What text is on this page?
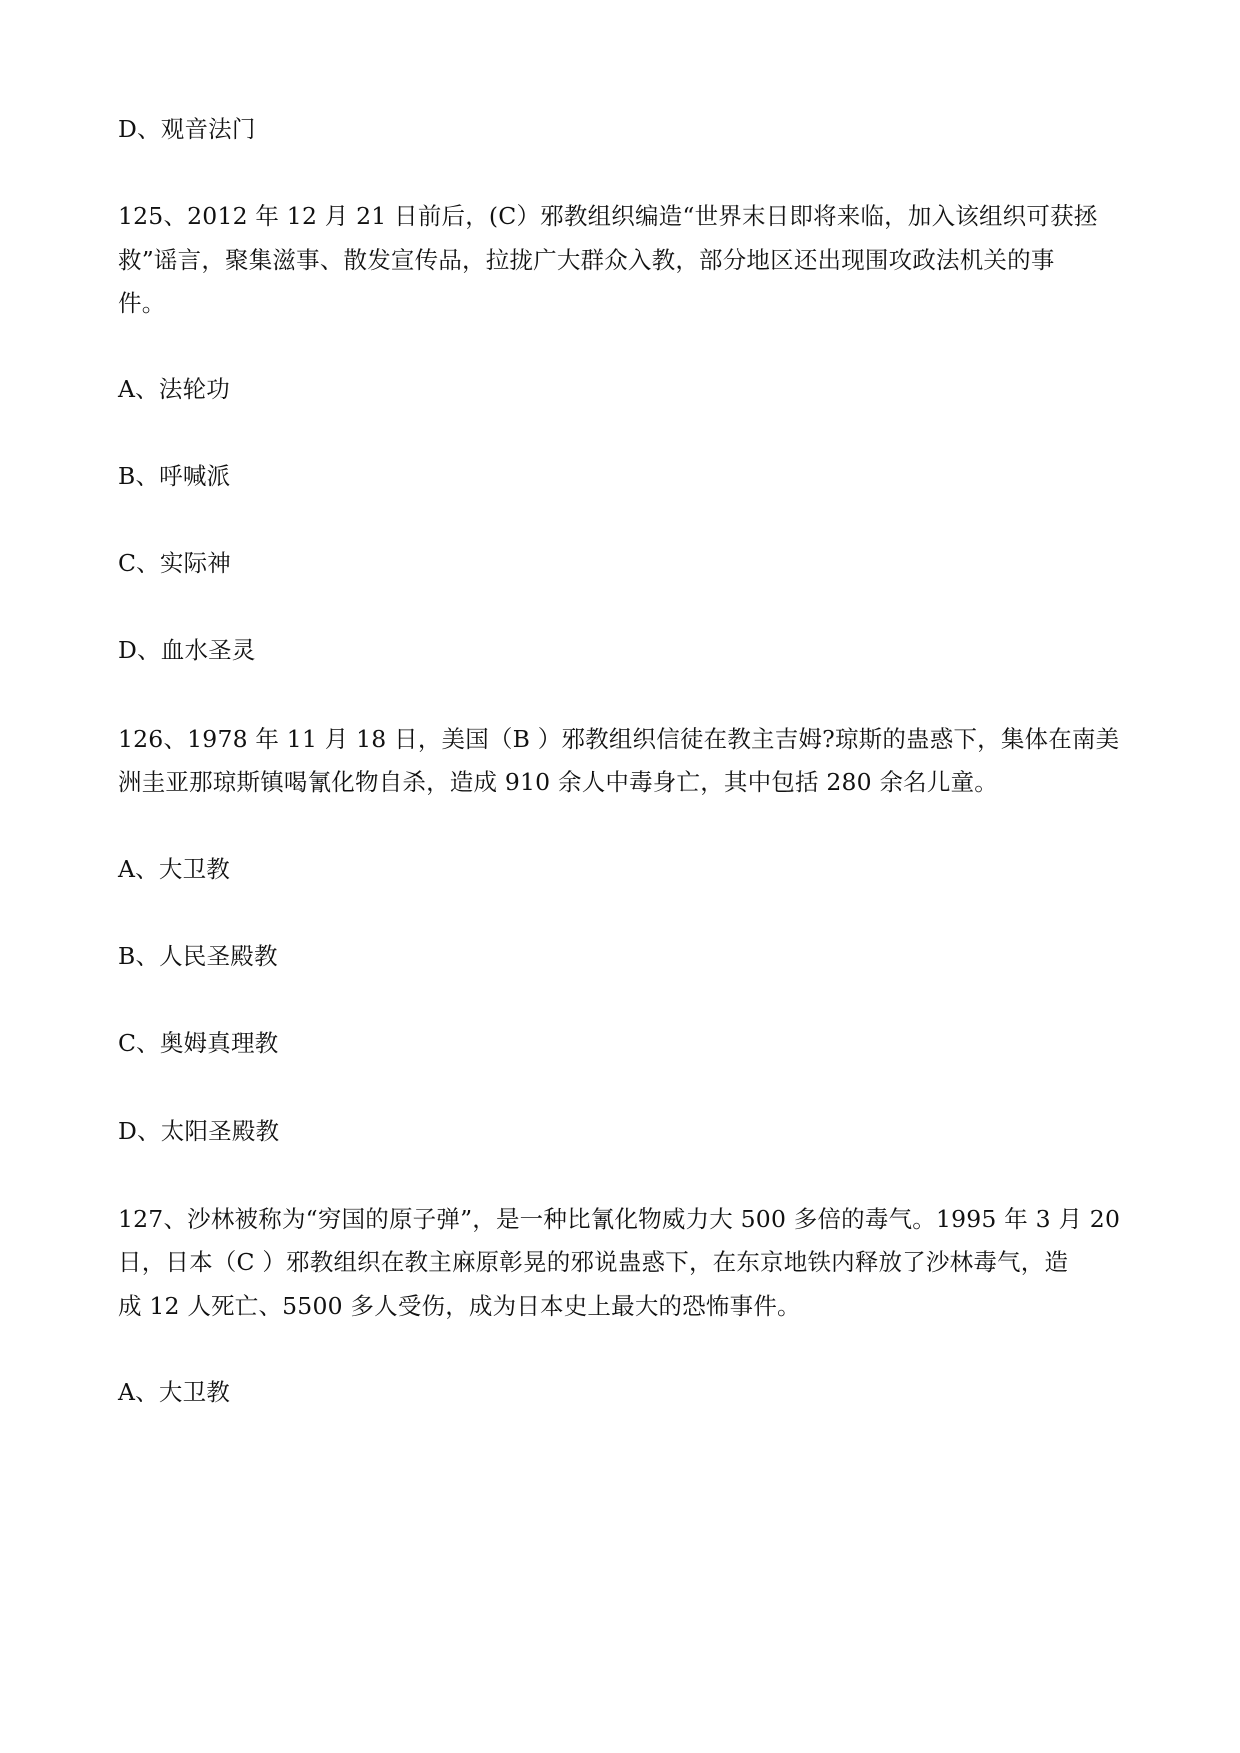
D、观音法门
125、2012 年 12 月 21 日前后，(C）邪教组织编造“世界末日即将来临，加入该组织可获拯
救”谣言，聚集滋事、散发宣传品，拉拢广大群众入教，部分地区还出现围攻政法机关的事
件。
A、法轮功
B、呼喊派
C、实际神
D、血水圣灵
126、1978 年 11 月 18 日，美国（B ）邪教组织信徒在教主吉姆?琼斯的蛊惑下，集体在南美
洲圭亚那琼斯镇喝氰化物自杀，造成 910 余人中毒身亡，其中包括 280 余名儿童。
A、大卫教
B、人民圣殿教
C、奥姆真理教
D、太阳圣殿教
127、沙林被称为“穷国的原子弹”，是一种比氰化物威力大 500 多倍的毒气。1995 年 3 月 20
日，日本（C ）邪教组织在教主麻原彰晃的邪说蛊惑下，在东京地铁内释放了沙林毒气，造
成 12 人死亡、5500 多人受伤，成为日本史上最大的恐怖事件。
A、大卫教
